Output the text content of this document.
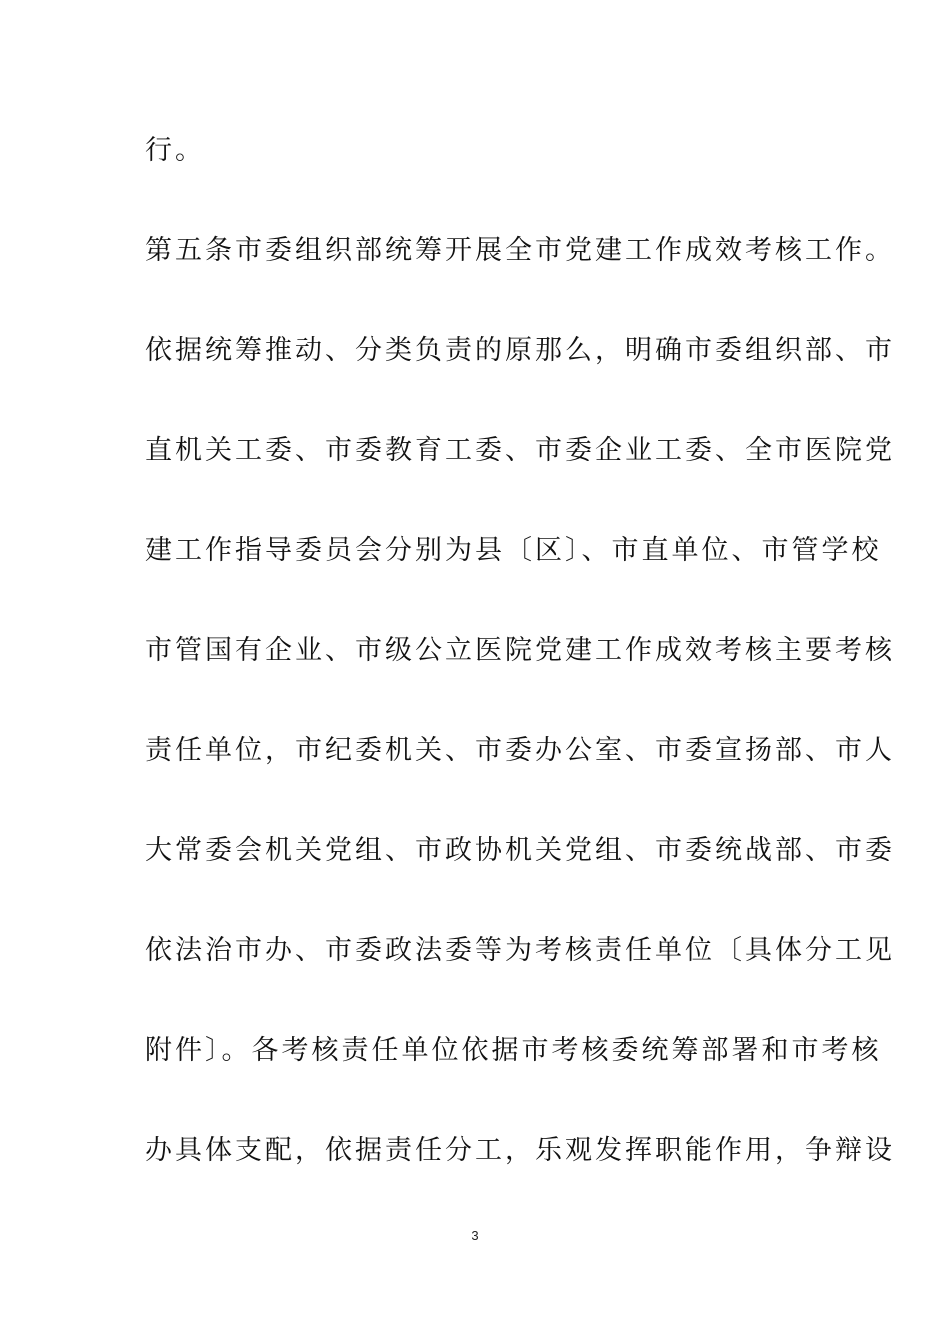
行。
第五条市委组织部统筹开展全市党建工作成效考核工作。
依据统筹推动、分类负责的原那么，明确市委组织部、市
直机关工委、市委教育工委、市委企业工委、全市医院党
建工作指导委员会分别为县〔区〕、市直单位、市管学校
市管国有企业、市级公立医院党建工作成效考核主要考核
责任单位，市纪委机关、市委办公室、市委宣扬部、市人
大常委会机关党组、市政协机关党组、市委统战部、市委
依法治市办、市委政法委等为考核责任单位〔具体分工见
附件〕。各考核责任单位依据市考核委统筹部署和市考核
办具体支配，依据责任分工，乐观发挥职能作用，争辩设
3
